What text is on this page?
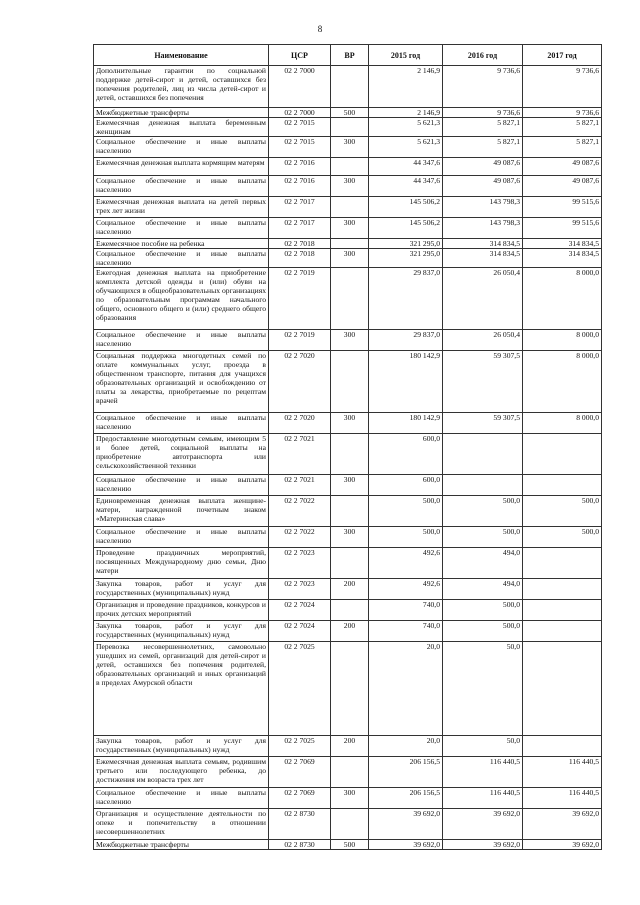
8
Наименование	ЦСР	ВР	2015 год	2016 год	2017 год
Дополнительные гарантии по социальной поддержке детей-сирот и детей, оставшихся без попечения родителей, лиц из числа детей-сирот и детей, оставшихся без попечения	02 2 7000		2 146,9	9 736,6	9 736,6
Межбюджетные трансферты	02 2 7000	500	2 146,9	9 736,6	9 736,6
Ежемесячная денежная выплата беременным женщинам	02 2 7015		5 621,3	5 827,1	5 827,1
Социальное обеспечение и иные выплаты населению	02 2 7015	300	5 621,3	5 827,1	5 827,1
Ежемесячная денежная выплата кормящим матерям	02 2 7016		44 347,6	49 087,6	49 087,6
Социальное обеспечение и иные выплаты населению	02 2 7016	300	44 347,6	49 087,6	49 087,6
Ежемесячная денежная выплата на детей первых трех лет жизни	02 2 7017		145 506,2	143 798,3	99 515,6
Социальное обеспечение и иные выплаты населению	02 2 7017	300	145 506,2	143 798,3	99 515,6
Ежемесячное пособие на ребенка	02 2 7018		321 295,0	314 834,5	314 834,5
Социальное обеспечение и иные выплаты населению	02 2 7018	300	321 295,0	314 834,5	314 834,5
Ежегодная денежная выплата на приобретение комплекта детской одежды и (или) обуви на обучающихся в общеобразовательных организациях по образовательным программам начального общего, основного общего и (или) среднего общего образования	02 2 7019		29 837,0	26 050,4	8 000,0
Социальное обеспечение и иные выплаты населению	02 2 7019	300	29 837,0	26 050,4	8 000,0
Социальная поддержка многодетных семей по оплате коммунальных услуг, проезда в общественном транспорте, питания для учащихся образовательных организаций и освобождению от платы за лекарства, приобретаемые по рецептам врачей	02 2 7020		180 142,9	59 307,5	8 000,0
Социальное обеспечение и иные выплаты населению	02 2 7020	300	180 142,9	59 307,5	8 000,0
Предоставление многодетным семьям, имеющим 5 и более детей, социальной выплаты на приобретение автотранспорта или сельскохозяйственной техники	02 2 7021		600,0		
Социальное обеспечение и иные выплаты населению	02 2 7021	300	600,0		
Единовременная денежная выплата женщине-матери, награжденной почетным знаком «Материнская слава»	02 2 7022		500,0	500,0	500,0
Социальное обеспечение и иные выплаты населению	02 2 7022	300	500,0	500,0	500,0
Проведение праздничных мероприятий, посвященных Международному дню семьи, Дню матери	02 2 7023		492,6	494,0	
Закупка товаров, работ и услуг для государственных (муниципальных) нужд	02 2 7023	200	492,6	494,0	
Организация и проведение праздников, конкурсов и прочих детских мероприятий	02 2 7024		740,0	500,0	
Закупка товаров, работ и услуг для государственных (муниципальных) нужд	02 2 7024	200	740,0	500,0	
Перевозка несовершеннолетних, самовольно ушедших из семей, организаций для детей-сирот и детей, оставшихся без попечения родителей, образовательных организаций и иных организаций в пределах Амурской области	02 2 7025		20,0	50,0	
Закупка товаров, работ и услуг для государственных (муниципальных) нужд	02 2 7025	200	20,0	50,0	
Ежемесячная денежная выплата семьям, родившим третьего или последующего ребенка, до достижения им возраста трех лет	02 2 7069		206 156,5	116 440,5	116 440,5
Социальное обеспечение и иные выплаты населению	02 2 7069	300	206 156,5	116 440,5	116 440,5
Организация и осуществление деятельности по опеке и попечительству в отношении несовершеннолетних	02 2 8730		39 692,0	39 692,0	39 692,0
Межбюджетные трансферты	02 2 8730	500	39 692,0	39 692,0	39 692,0
